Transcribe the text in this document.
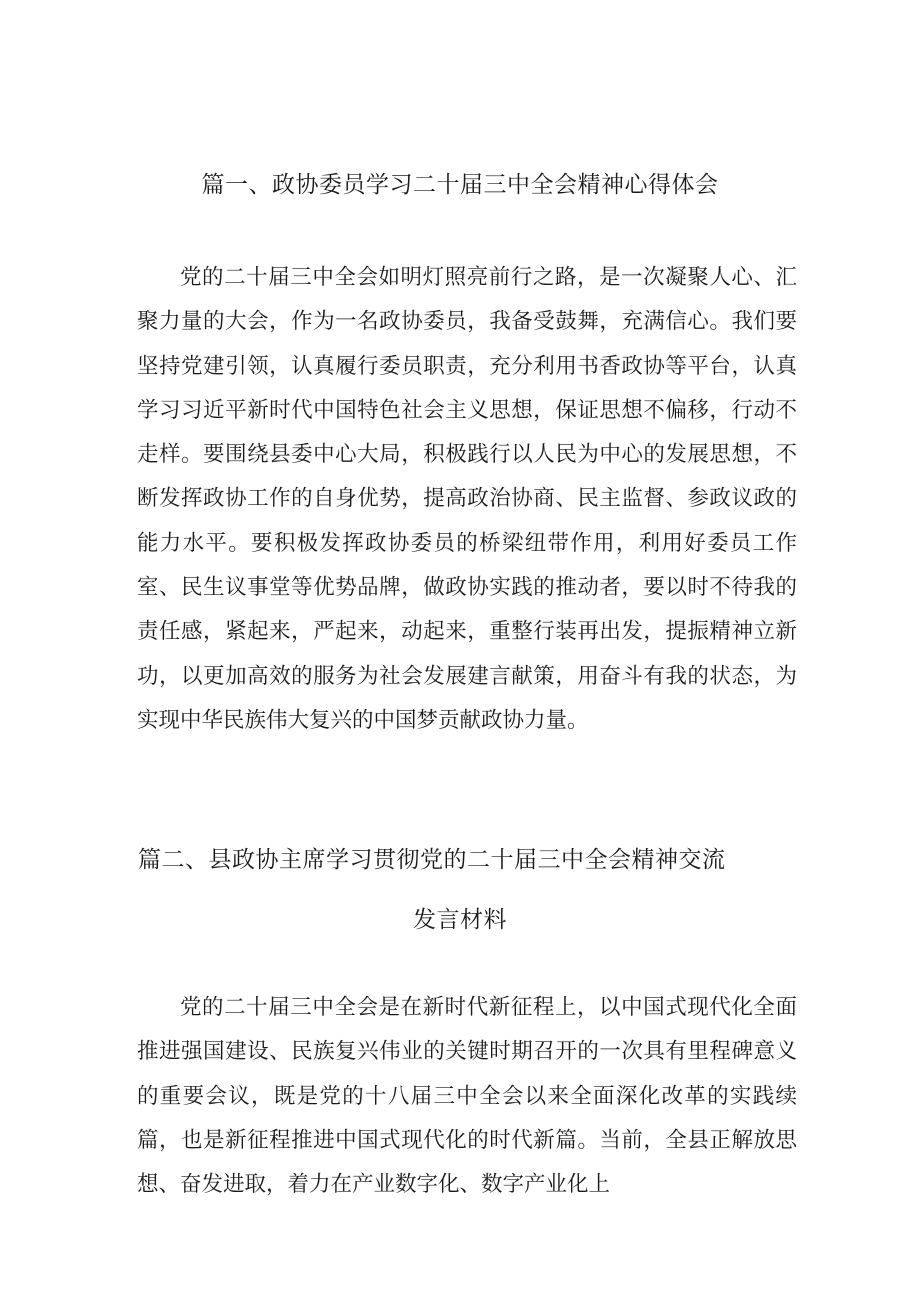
篇一、政协委员学习二十届三中全会精神心得体会

党的二十届三中全会如明灯照亮前行之路，是一次凝聚人心、汇聚力量的大会，作为一名政协委员，我备受鼓舞，充满信心。我们要坚持党建引领，认真履行委员职责，充分利用书香政协等平台，认真学习习近平新时代中国特色社会主义思想，保证思想不偏移，行动不走样。要围绕县委中心大局，积极践行以人民为中心的发展思想，不断发挥政协工作的自身优势，提高政治协商、民主监督、参政议政的能力水平。要积极发挥政协委员的桥梁纽带作用，利用好委员工作室、民生议事堂等优势品牌，做政协实践的推动者，要以时不待我的责任感，紧起来，严起来，动起来，重整行装再出发，提振精神立新功，以更加高效的服务为社会发展建言献策，用奋斗有我的状态，为实现中华民族伟大复兴的中国梦贡献政协力量。

篇二、县政协主席学习贯彻党的二十届三中全会精神交流
发言材料

党的二十届三中全会是在新时代新征程上，以中国式现代化全面推进强国建设、民族复兴伟业的关键时期召开的一次具有里程碑意义的重要会议，既是党的十八届三中全会以来全面深化改革的实践续篇，也是新征程推进中国式现代化的时代新篇。当前，全县正解放思想、奋发进取，着力在产业数字化、数字产业化上
